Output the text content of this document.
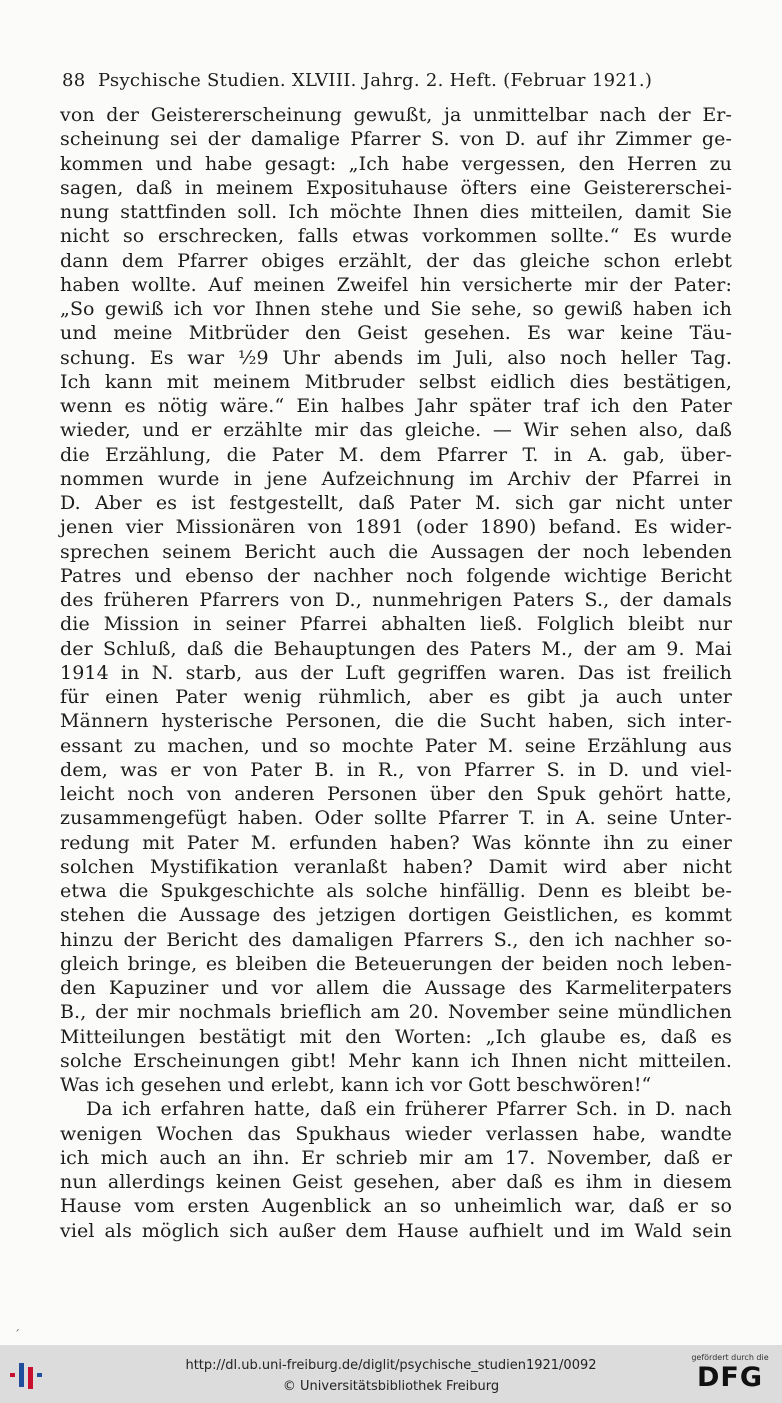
88 Psychische Studien. XLVIII. Jahrg. 2. Heft. (Februar 1921.)
von der Geistererscheinung gewußt, ja unmittelbar nach der Er-
scheinung sei der damalige Pfarrer S. von D. auf ihr Zimmer ge-
kommen und habe gesagt: „Ich habe vergessen, den Herren zu
sagen, daß in meinem Exposituhause öfters eine Geistererschei-
nung stattfinden soll. Ich möchte Ihnen dies mitteilen, damit Sie
nicht so erschrecken, falls etwas vorkommen sollte.“ Es wurde
dann dem Pfarrer obiges erzählt, der das gleiche schon erlebt
haben wollte. Auf meinen Zweifel hin versicherte mir der Pater:
„So gewiß ich vor Ihnen stehe und Sie sehe, so gewiß haben ich
und meine Mitbrüder den Geist gesehen. Es war keine Täu-
schung. Es war ½9 Uhr abends im Juli, also noch heller Tag.
Ich kann mit meinem Mitbruder selbst eidlich dies bestätigen,
wenn es nötig wäre.“ Ein halbes Jahr später traf ich den Pater
wieder, und er erzählte mir das gleiche. — Wir sehen also, daß
die Erzählung, die Pater M. dem Pfarrer T. in A. gab, über-
nommen wurde in jene Aufzeichnung im Archiv der Pfarrei in
D. Aber es ist festgestellt, daß Pater M. sich gar nicht unter
jenen vier Missionären von 1891 (oder 1890) befand. Es wider-
sprechen seinem Bericht auch die Aussagen der noch lebenden
Patres und ebenso der nachher noch folgende wichtige Bericht
des früheren Pfarrers von D., nunmehrigen Paters S., der damals
die Mission in seiner Pfarrei abhalten ließ. Folglich bleibt nur
der Schluß, daß die Behauptungen des Paters M., der am 9. Mai
1914 in N. starb, aus der Luft gegriffen waren. Das ist freilich
für einen Pater wenig rühmlich, aber es gibt ja auch unter
Männern hysterische Personen, die die Sucht haben, sich inter-
essant zu machen, und so mochte Pater M. seine Erzählung aus
dem, was er von Pater B. in R., von Pfarrer S. in D. und viel-
leicht noch von anderen Personen über den Spuk gehört hatte,
zusammengefügt haben. Oder sollte Pfarrer T. in A. seine Unter-
redung mit Pater M. erfunden haben? Was könnte ihn zu einer
solchen Mystifikation veranlaßt haben? Damit wird aber nicht
etwa die Spukgeschichte als solche hinfällig. Denn es bleibt be-
stehen die Aussage des jetzigen dortigen Geistlichen, es kommt
hinzu der Bericht des damaligen Pfarrers S., den ich nachher so-
gleich bringe, es bleiben die Beteuerungen der beiden noch leben-
den Kapuziner und vor allem die Aussage des Karmeliterpaters
B., der mir nochmals brieflich am 20. November seine mündlichen
Mitteilungen bestätigt mit den Worten: „Ich glaube es, daß es
solche Erscheinungen gibt! Mehr kann ich Ihnen nicht mitteilen.
Was ich gesehen und erlebt, kann ich vor Gott beschwören!“
Da ich erfahren hatte, daß ein früherer Pfarrer Sch. in D. nach
wenigen Wochen das Spukhaus wieder verlassen habe, wandte
ich mich auch an ihn. Er schrieb mir am 17. November, daß er
nun allerdings keinen Geist gesehen, aber daß es ihm in diesem
Hause vom ersten Augenblick an so unheimlich war, daß er so
viel als möglich sich außer dem Hause aufhielt und im Wald sein
´
http://dl.ub.uni-freiburg.de/diglit/psychische_studien1921/0092
© Universitätsbibliothek Freiburg
gefördert durch die
DFG
